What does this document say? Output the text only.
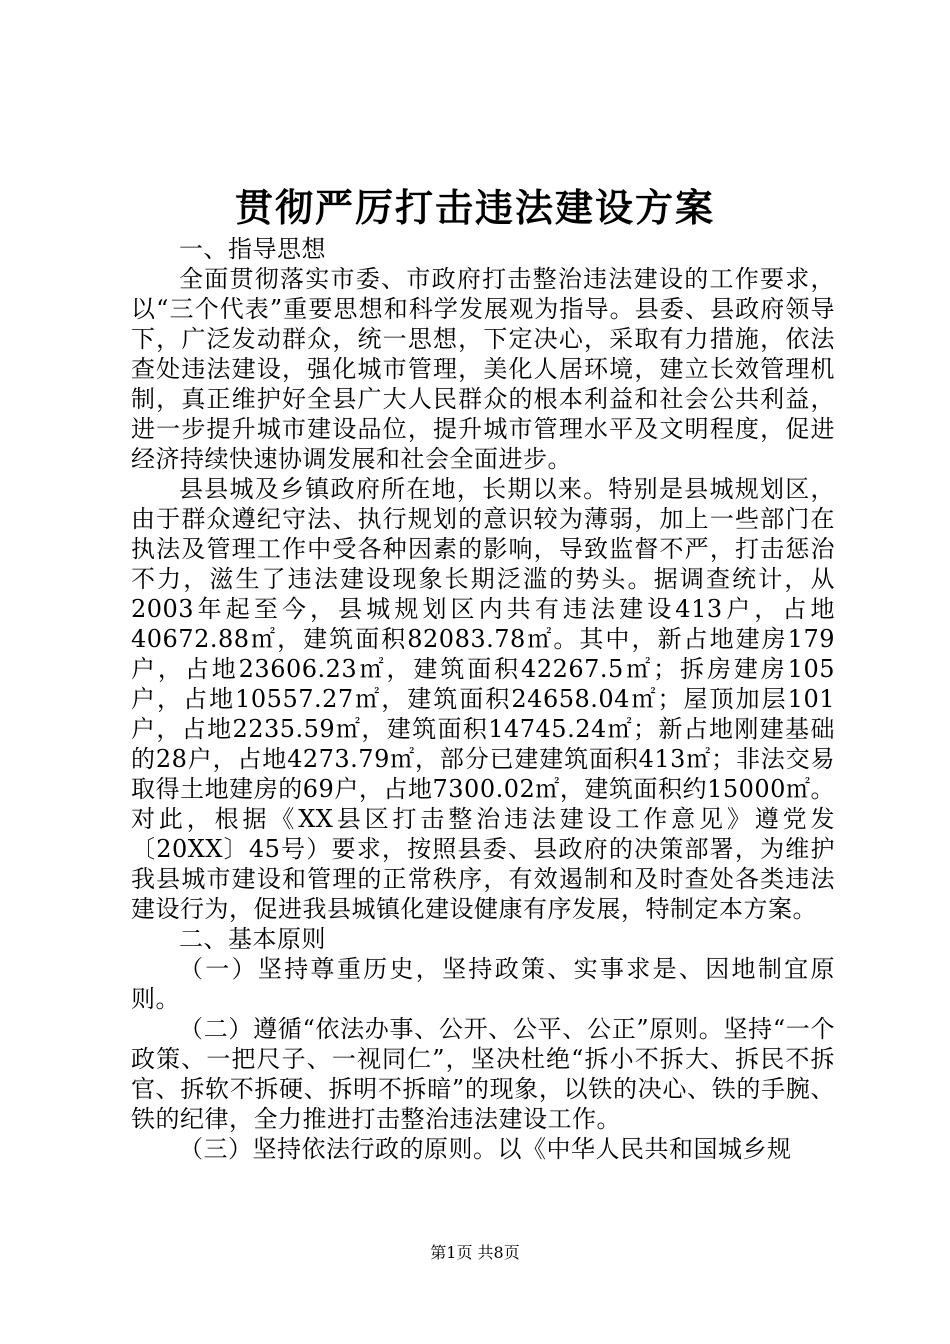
贯彻严厉打击违法建设方案

一、指导思想

全面贯彻落实市委、市政府打击整治违法建设的工作要求，以“三个代表”重要思想和科学发展观为指导。县委、县政府领导下，广泛发动群众，统一思想，下定决心，采取有力措施，依法查处违法建设，强化城市管理，美化人居环境，建立长效管理机制，真正维护好全县广大人民群众的根本利益和社会公共利益，进一步提升城市建设品位，提升城市管理水平及文明程度，促进经济持续快速协调发展和社会全面进步。

县县城及乡镇政府所在地，长期以来。特别是县城规划区，由于群众遵纪守法、执行规划的意识较为薄弱，加上一些部门在执法及管理工作中受各种因素的影响，导致监督不严，打击惩治不力，滋生了违法建设现象长期泛滥的势头。据调查统计，从2003年起至今，县城规划区内共有违法建设413户，占地40672.88㎡，建筑面积82083.78㎡。其中，新占地建房179户，占地23606.23㎡，建筑面积42267.5㎡；拆房建房105户，占地10557.27㎡，建筑面积24658.04㎡；屋顶加层101户，占地2235.59㎡，建筑面积14745.24㎡；新占地刚建基础的28户，占地4273.79㎡，部分已建建筑面积413㎡；非法交易取得土地建房的69户，占地7300.02㎡，建筑面积约15000㎡。对此，根据《XX县区打击整治违法建设工作意见》遵党发〔20XX〕45号）要求，按照县委、县政府的决策部署，为维护我县城市建设和管理的正常秩序，有效遏制和及时查处各类违法建设行为，促进我县城镇化建设健康有序发展，特制定本方案。

二、基本原则

（一）坚持尊重历史，坚持政策、实事求是、因地制宜原则。

（二）遵循“依法办事、公开、公平、公正”原则。坚持“一个政策、一把尺子、一视同仁”，坚决杜绝“拆小不拆大、拆民不拆官、拆软不拆硬、拆明不拆暗”的现象，以铁的决心、铁的手腕、铁的纪律，全力推进打击整治违法建设工作。

（三）坚持依法行政的原则。以《中华人民共和国城乡规

第1页 共8页
